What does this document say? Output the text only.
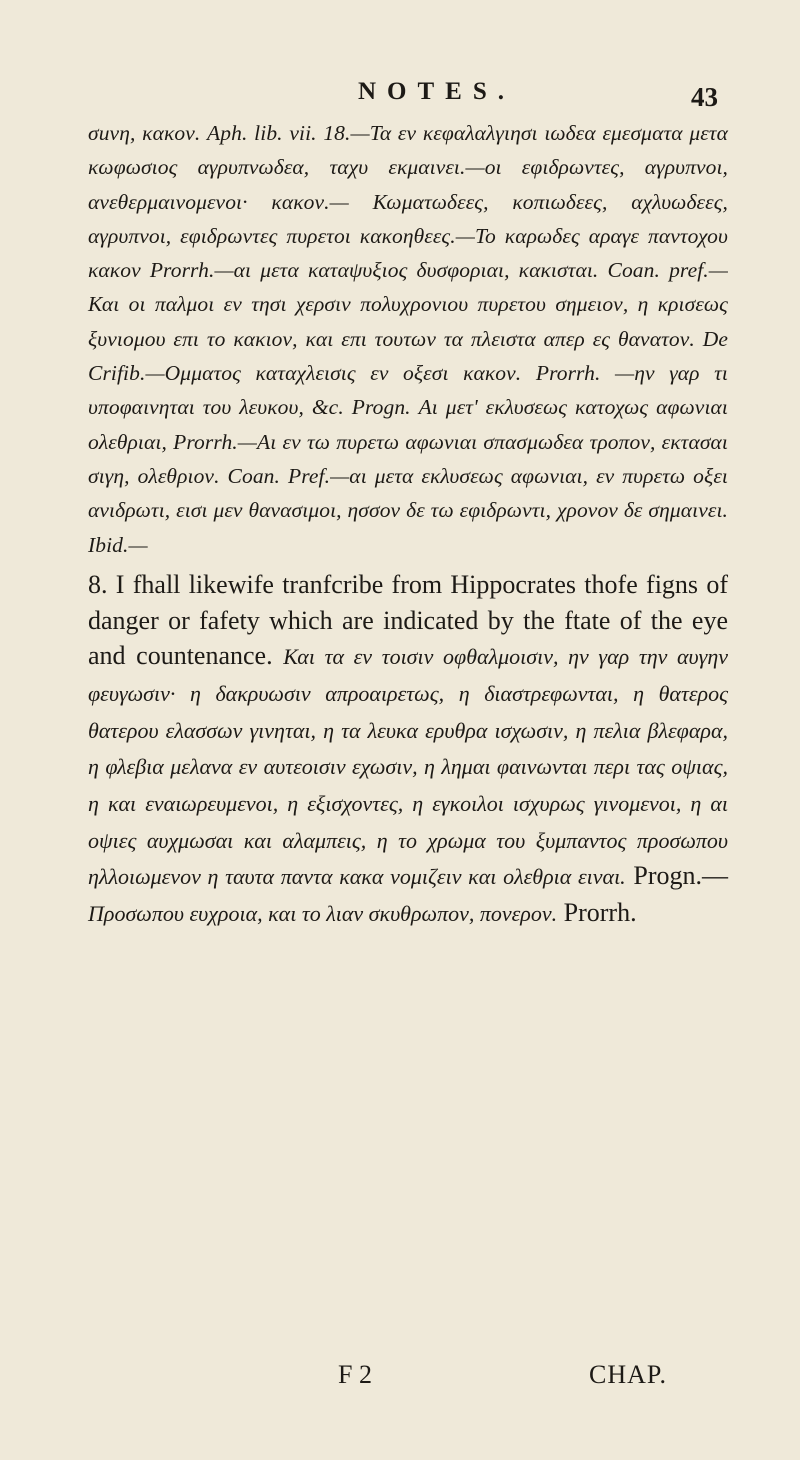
NOTES.	43

σuνη, κακον. Aph. lib. vii. 18.—Τα εν κεφαλαλγιησι ιωδεα εμεσματα μετα κωφωσιος αγρυπνωδεα, ταχυ εκμαινει.—οι εφιδρωντες, αγρυπνοι, ανεθερμαινομενοι· κακον.— Κωματωδεες, κοπιωδεες, αχλυωδεες, αγρυπνοι, εφιδρωντες πυρετοι κακοηθεες.—Το καρωδες αραγε παντοχου κακον Prorrh.—αι μετα καταψυξιος δυσφοριαι, κακισται. Coan. pref.—Και οι παλμοι εν τησι χερσιν πολυχρονιου πυρετου σημειον, η κρισεως ξυνιομου επι το κακιον, και επι τουτων τα πλειστα απερ ες θανατον. De Crifib.—Ομματος καταχλεισις εν οξεσι κακον. Prorrh. —ην γαρ τι υποφαινηται του λευκου, &c. Progn. Αι μετ' εκλυσεως κατοχως αφωνιαι ολεθριαι, Prorrh.—Αι εν τω πυρετω αφωνιαι σπασμωδεα τροπον, εκτασαι σιγη, ολεθριον. Coan. Pref.—αι μετα εκλυσεως αφωνιαι, εν πυρετω οξει ανιδρωτι, εισι μεν θανασιμοι, ησσον δε τω εφιδρωντι, χρονον δε σημαινει. Ibid.—

8. I fhall likewife tranfcribe from Hippocrates thofe figns of danger or fafety which are indicated by the ftate of the eye and countenance. Και τα εν τοισιν οφθαλμοισιν, ην γαρ την αυγην φευγωσιν· η δακρυωσιν απροαιρετως, η διαστρεφωνται, η θατερος θατερου ελασσων γινηται, η τα λευκα ερυθρα ισχωσιν, η πελια βλεφαρα, η φλεβια μελανα εν αυτεοισιν εχωσιν, η λημαι φαινωνται περι τας οψιας, η και εναιωρευμενοι, η εξισχοντες, η εγκοιλοι ισχυρως γινομενοι, η αι οψιες αυχμωσαι και αλαμπεις, η το χρωμα του ξυμπαντος προσωπου ηλλοιωμενον η ταυτα παντα κακα νομιζειν και ολεθρια ειναι. Progn.— Προσωπου ευχροια, και το λιαν σκυθρωπον, πονερον. Prorrh.

F 2	CHAP.
